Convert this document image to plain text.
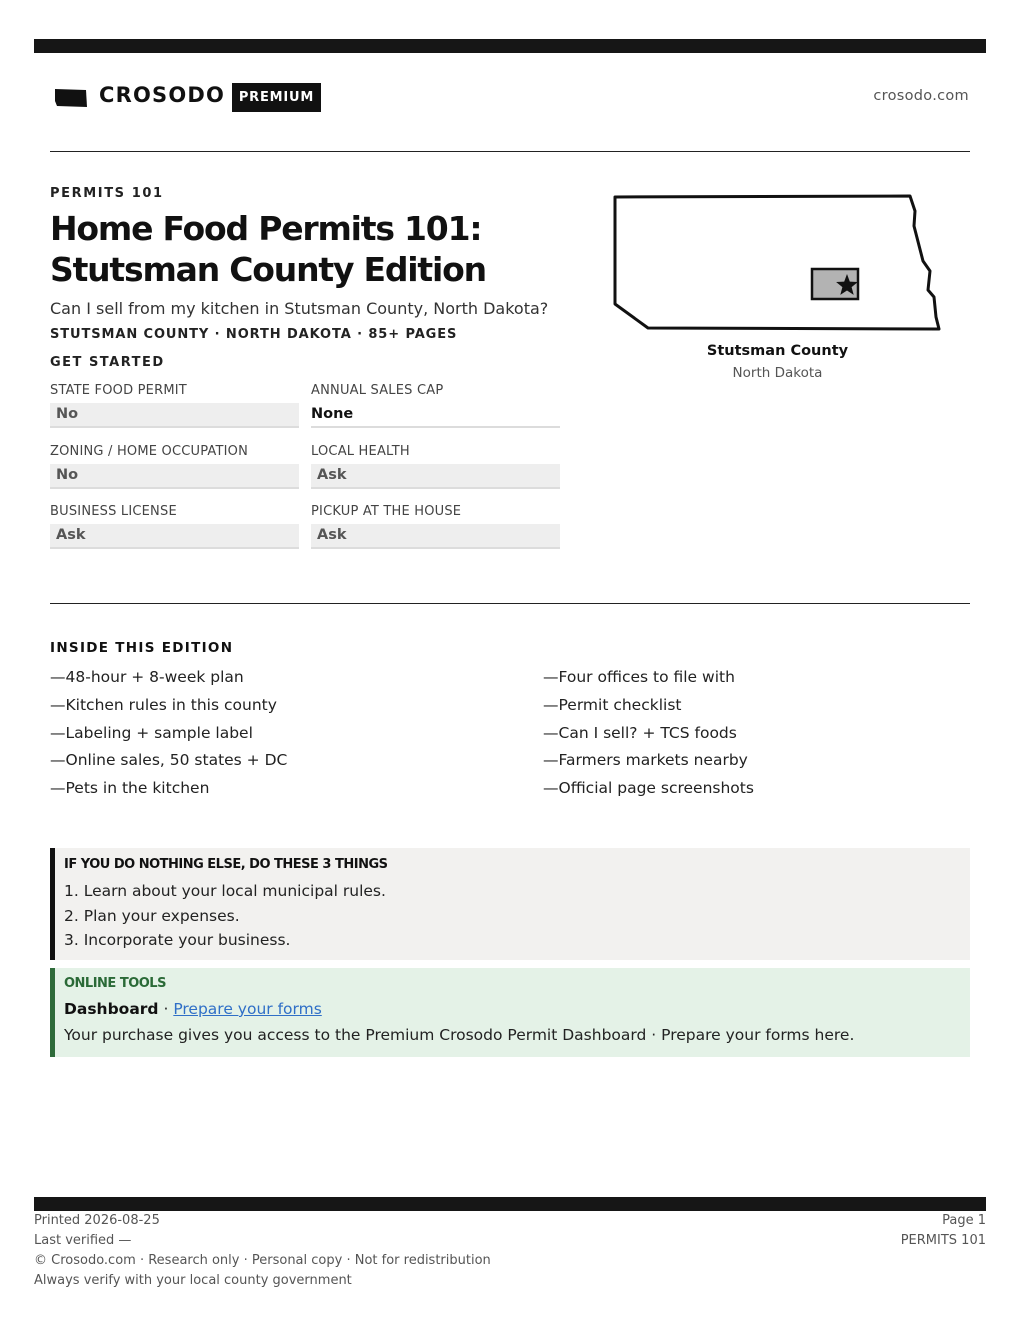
CROSODO	PREMIUM	crosodo.com
PERMITS 101
Home Food Permits 101:
Stutsman County Edition
Can I sell from my kitchen in Stutsman County, North Dakota?
STUTSMAN COUNTY · NORTH DAKOTA · 85+ PAGES
GET STARTED
STATE FOOD PERMIT
No
ANNUAL SALES CAP
None
ZONING / HOME OCCUPATION
No
LOCAL HEALTH
Ask
BUSINESS LICENSE
Ask
PICKUP AT THE HOUSE
Ask
Stutsman County
North Dakota
INSIDE THIS EDITION
—48-hour + 8-week plan
—Kitchen rules in this county
—Labeling + sample label
—Online sales, 50 states + DC
—Pets in the kitchen
—Four offices to file with
—Permit checklist
—Can I sell? + TCS foods
—Farmers markets nearby
—Official page screenshots
IF YOU DO NOTHING ELSE, DO THESE 3 THINGS
1. Learn about your local municipal rules.
2. Plan your expenses.
3. Incorporate your business.
ONLINE TOOLS
Dashboard · Prepare your forms
Your purchase gives you access to the Premium Crosodo Permit Dashboard · Prepare your forms here.
Printed 2026-08-25
Last verified —
© Crosodo.com · Research only · Personal copy · Not for redistribution
Always verify with your local county government
Page 1
PERMITS 101
